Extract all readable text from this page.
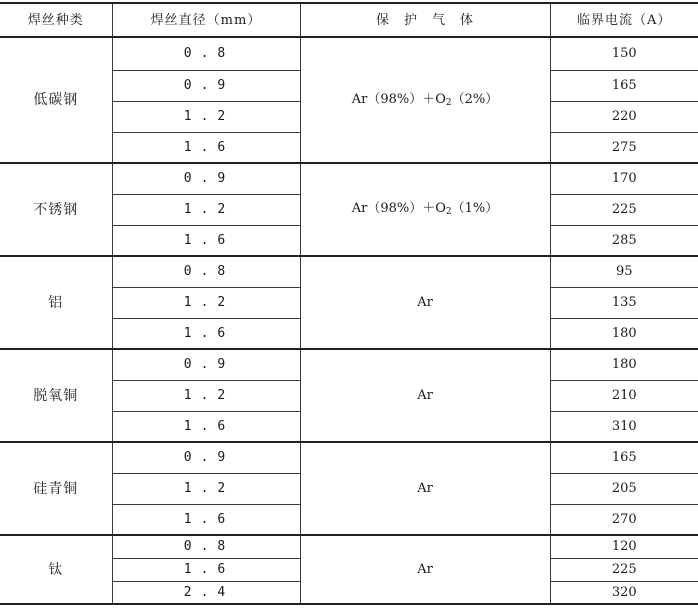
焊丝种类	焊丝直径（mm）	保　护　气　体	临界电流（A）
低碳钢	0.8	$Ar(98\%)+O_2(2\%)$	150
	0.9		165
	1.2		220
	1.6		275
不锈钢	0.9	$Ar(98\%)+O_2(1\%)$	170
	1.2		225
	1.6		285
铝	0.8	Ar	95
	1.2		135
	1.6		180
脱氧铜	0.9	Ar	180
	1.2		210
	1.6		310
硅青铜	0.9	Ar	165
	1.2		205
	1.6		270
钛	0.8	Ar	120
	1.6		225
	2.4		320
